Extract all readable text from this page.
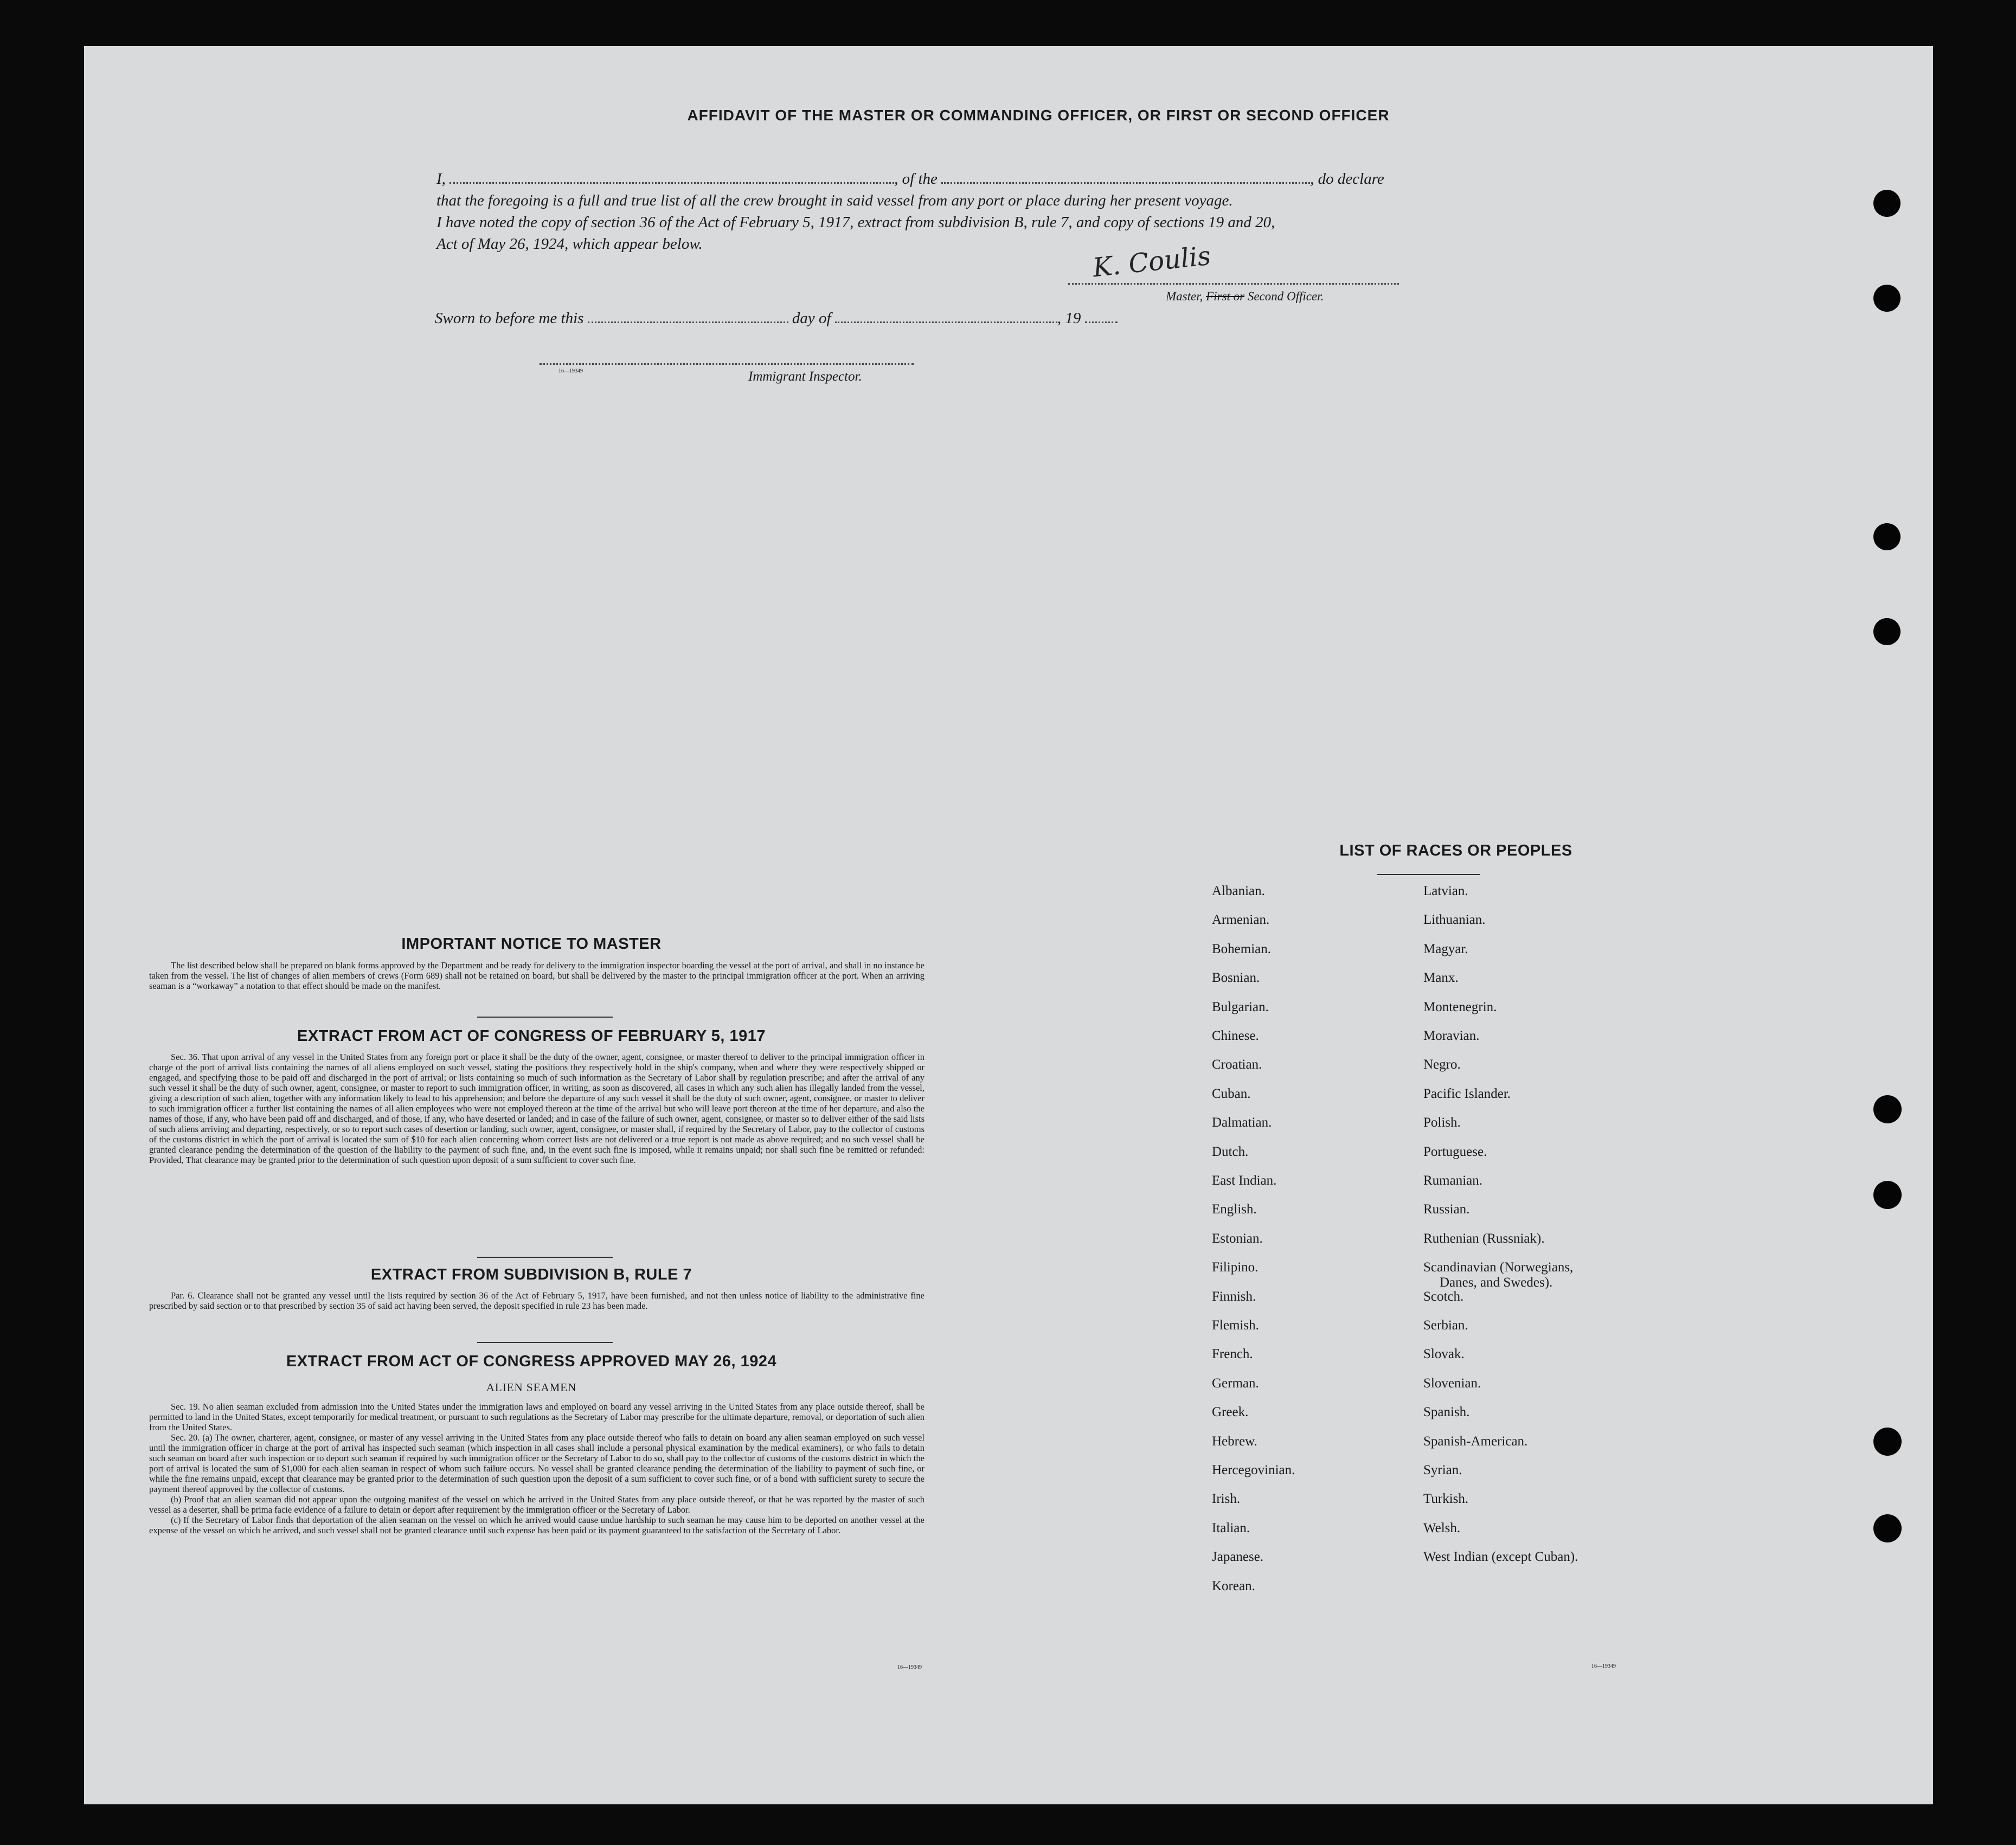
AFFIDAVIT OF THE MASTER OR COMMANDING OFFICER, OR FIRST OR SECOND OFFICER
I,	, of the	, do declare
that the foregoing is a full and true list of all the crew brought in said vessel from any port or place during her present voyage.
I have noted the copy of section 36 of the Act of February 5, 1917, extract from subdivision B, rule 7, and copy of sections 19 and 20,
Act of May 26, 1924, which appear below.	K. Coulis
Master, First or Second Officer.
Sworn to before me this	day of	, 19
16—19349	Immigrant Inspector.
IMPORTANT NOTICE TO MASTER
The list described below shall be prepared on blank forms approved by the Department and be ready for delivery to the immigration inspector boarding the vessel at the port of arrival, and shall in no instance be taken from the vessel. The list of changes of alien members of crews (Form 689) shall not be retained on board, but shall be delivered by the master to the principal immigration officer at the port. When an arriving seaman is a “workaway” a notation to that effect should be made on the manifest.
EXTRACT FROM ACT OF CONGRESS OF FEBRUARY 5, 1917
Sec. 36. That upon arrival of any vessel in the United States from any foreign port or place it shall be the duty of the owner, agent, consignee, or master thereof to deliver to the principal immigration officer in charge of the port of arrival lists containing the names of all aliens employed on such vessel, stating the positions they respectively hold in the ship's company, when and where they were respectively shipped or engaged, and specifying those to be paid off and discharged in the port of arrival; or lists containing so much of such information as the Secretary of Labor shall by regulation prescribe; and after the arrival of any such vessel it shall be the duty of such owner, agent, consignee, or master to report to such immigration officer, in writing, as soon as discovered, all cases in which any such alien has illegally landed from the vessel, giving a description of such alien, together with any information likely to lead to his apprehension; and before the departure of any such vessel it shall be the duty of such owner, agent, consignee, or master to deliver to such immigration officer a further list containing the names of all alien employees who were not employed thereon at the time of the arrival but who will leave port thereon at the time of her departure, and also the names of those, if any, who have been paid off and discharged, and of those, if any, who have deserted or landed; and in case of the failure of such owner, agent, consignee, or master so to deliver either of the said lists of such aliens arriving and departing, respectively, or so to report such cases of desertion or landing, such owner, agent, consignee, or master shall, if required by the Secretary of Labor, pay to the collector of customs of the customs district in which the port of arrival is located the sum of $10 for each alien concerning whom correct lists are not delivered or a true report is not made as above required; and no such vessel shall be granted clearance pending the determination of the question of the liability to the payment of such fine, and, in the event such fine is imposed, while it remains unpaid; nor shall such fine be remitted or refunded: Provided, That clearance may be granted prior to the determination of such question upon deposit of a sum sufficient to cover such fine.
EXTRACT FROM SUBDIVISION B, RULE 7
Par. 6. Clearance shall not be granted any vessel until the lists required by section 36 of the Act of February 5, 1917, have been furnished, and not then unless notice of liability to the administrative fine prescribed by said section or to that prescribed by section 35 of said act having been served, the deposit specified in rule 23 has been made.
EXTRACT FROM ACT OF CONGRESS APPROVED MAY 26, 1924
ALIEN SEAMEN
Sec. 19. No alien seaman excluded from admission into the United States under the immigration laws and employed on board any vessel arriving in the United States from any place outside thereof, shall be permitted to land in the United States, except temporarily for medical treatment, or pursuant to such regulations as the Secretary of Labor may prescribe for the ultimate departure, removal, or deportation of such alien from the United States.
Sec. 20. (a) The owner, charterer, agent, consignee, or master of any vessel arriving in the United States from any place outside thereof who fails to detain on board any alien seaman employed on such vessel until the immigration officer in charge at the port of arrival has inspected such seaman (which inspection in all cases shall include a personal physical examination by the medical examiners), or who fails to detain such seaman on board after such inspection or to deport such seaman if required by such immigration officer or the Secretary of Labor to do so, shall pay to the collector of customs of the customs district in which the port of arrival is located the sum of $1,000 for each alien seaman in respect of whom such failure occurs. No vessel shall be granted clearance pending the determination of the liability to payment of such fine, or while the fine remains unpaid, except that clearance may be granted prior to the determination of such question upon the deposit of a sum sufficient to cover such fine, or of a bond with sufficient surety to secure the payment thereof approved by the collector of customs.
(b) Proof that an alien seaman did not appear upon the outgoing manifest of the vessel on which he arrived in the United States from any place outside thereof, or that he was reported by the master of such vessel as a deserter, shall be prima facie evidence of a failure to detain or deport after requirement by the immigration officer or the Secretary of Labor.
(c) If the Secretary of Labor finds that deportation of the alien seaman on the vessel on which he arrived would cause undue hardship to such seaman he may cause him to be deported on another vessel at the expense of the vessel on which he arrived, and such vessel shall not be granted clearance until such expense has been paid or its payment guaranteed to the satisfaction of the Secretary of Labor.
16—19349
LIST OF RACES OR PEOPLES
Albanian.
Armenian.
Bohemian.
Bosnian.
Bulgarian.
Chinese.
Croatian.
Cuban.
Dalmatian.
Dutch.
East Indian.
English.
Estonian.
Filipino.
Finnish.
Flemish.
French.
German.
Greek.
Hebrew.
Hercegovinian.
Irish.
Italian.
Japanese.
Korean.
Latvian.
Lithuanian.
Magyar.
Manx.
Montenegrin.
Moravian.
Negro.
Pacific Islander.
Polish.
Portuguese.
Rumanian.
Russian.
Ruthenian (Russniak).
Scandinavian (Norwegians,
Danes, and Swedes).
Scotch.
Serbian.
Slovak.
Slovenian.
Spanish.
Spanish-American.
Syrian.
Turkish.
Welsh.
West Indian (except Cuban).
16—19349
